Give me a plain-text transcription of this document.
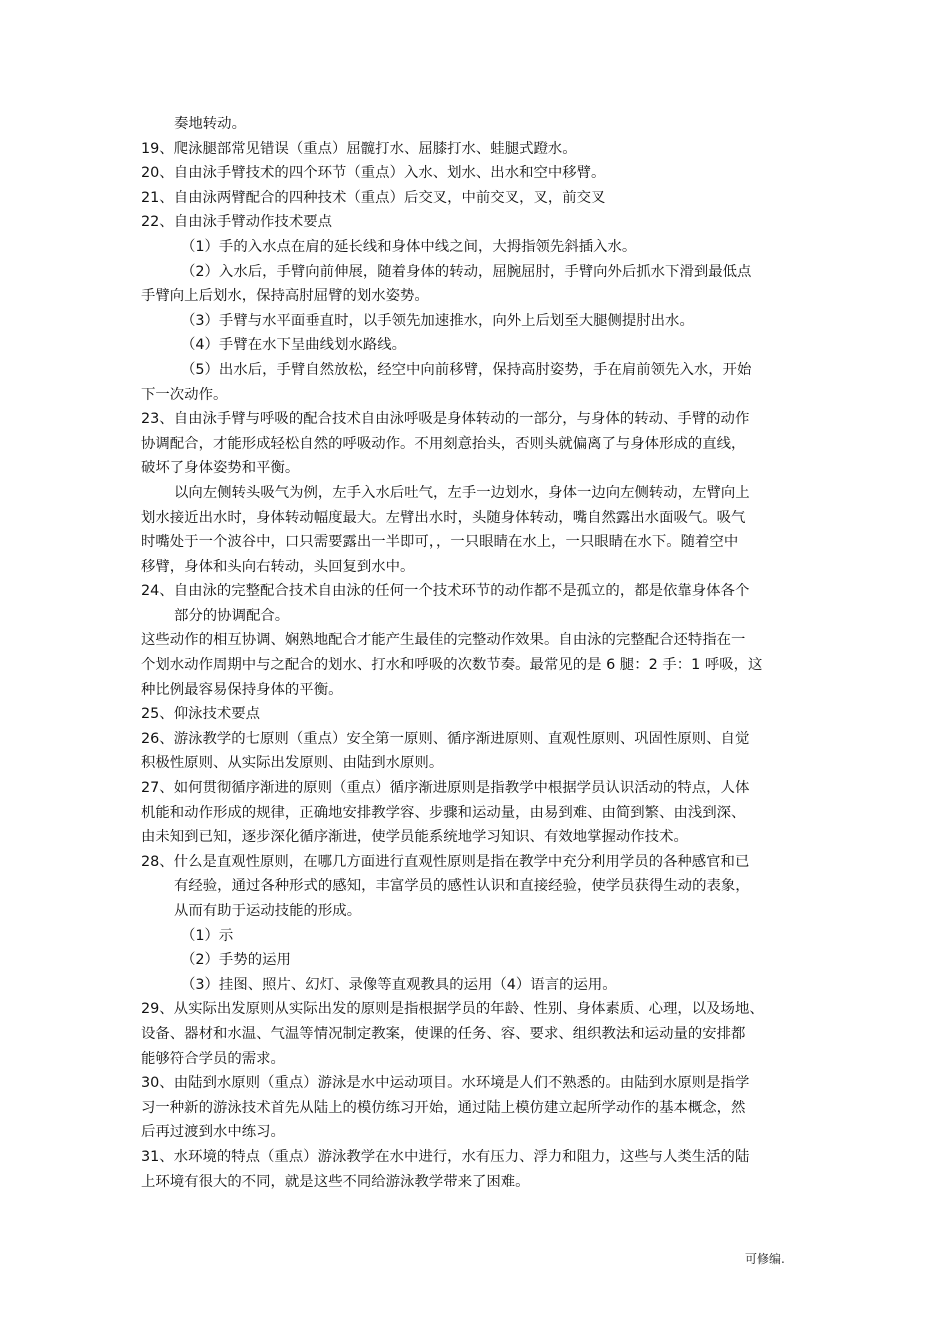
奏地转动。
19、爬泳腿部常见错误（重点）屈髋打水、屈膝打水、蛙腿式蹬水。
20、自由泳手臂技术的四个环节（重点）入水、划水、出水和空中移臂。
21、自由泳两臂配合的四种技术（重点）后交叉，中前交叉，叉，前交叉
22、自由泳手臂动作技术要点
（1）手的入水点在肩的延长线和身体中线之间，大拇指领先斜插入水。
（2）入水后，手臂向前伸展，随着身体的转动，屈腕屈肘，手臂向外后抓水下滑到最低点
手臂向上后划水，保持高肘屈臂的划水姿势。
（3）手臂与水平面垂直时，以手领先加速推水，向外上后划至大腿侧提肘出水。
（4）手臂在水下呈曲线划水路线。
（5）出水后，手臂自然放松，经空中向前移臂，保持高肘姿势，手在肩前领先入水，开始
下一次动作。
23、自由泳手臂与呼吸的配合技术自由泳呼吸是身体转动的一部分，与身体的转动、手臂的动作
协调配合，才能形成轻松自然的呼吸动作。不用刻意抬头，否则头就偏离了与身体形成的直线，
破坏了身体姿势和平衡。
以向左侧转头吸气为例，左手入水后吐气，左手一边划水，身体一边向左侧转动，左臂向上
划水接近出水时，身体转动幅度最大。左臂出水时，头随身体转动，嘴自然露出水面吸气。吸气
时嘴处于一个波谷中，口只需要露出一半即可，，一只眼睛在水上，一只眼睛在水下。随着空中
移臂，身体和头向右转动，头回复到水中。
24、自由泳的完整配合技术自由泳的任何一个技术环节的动作都不是孤立的，都是依靠身体各个
部分的协调配合。
这些动作的相互协调、娴熟地配合才能产生最佳的完整动作效果。自由泳的完整配合还特指在一
个划水动作周期中与之配合的划水、打水和呼吸的次数节奏。最常见的是 6 腿：2 手：1 呼吸，这
种比例最容易保持身体的平衡。
25、仰泳技术要点
26、游泳教学的七原则（重点）安全第一原则、循序渐进原则、直观性原则、巩固性原则、自觉
积极性原则、从实际出发原则、由陆到水原则。
27、如何贯彻循序渐进的原则（重点）循序渐进原则是指教学中根据学员认识活动的特点，人体
机能和动作形成的规律，正确地安排教学容、步骤和运动量，由易到难、由简到繁、由浅到深、
由未知到已知，逐步深化循序渐进，使学员能系统地学习知识、有效地掌握动作技术。
28、什么是直观性原则，在哪几方面进行直观性原则是指在教学中充分利用学员的各种感官和已
有经验，通过各种形式的感知，丰富学员的感性认识和直接经验，使学员获得生动的表象，
从而有助于运动技能的形成。
（1）示
（2）手势的运用
（3）挂图、照片、幻灯、录像等直观教具的运用（4）语言的运用。
29、从实际出发原则从实际出发的原则是指根据学员的年龄、性别、身体素质、心理，以及场地、
设备、器材和水温、气温等情况制定教案，使课的任务、容、要求、组织教法和运动量的安排都
能够符合学员的需求。
30、由陆到水原则（重点）游泳是水中运动项目。水环境是人们不熟悉的。由陆到水原则是指学
习一种新的游泳技术首先从陆上的模仿练习开始，通过陆上模仿建立起所学动作的基本概念，然
后再过渡到水中练习。
31、水环境的特点（重点）游泳教学在水中进行，水有压力、浮力和阻力，这些与人类生活的陆
上环境有很大的不同，就是这些不同给游泳教学带来了困难。
可修编.
